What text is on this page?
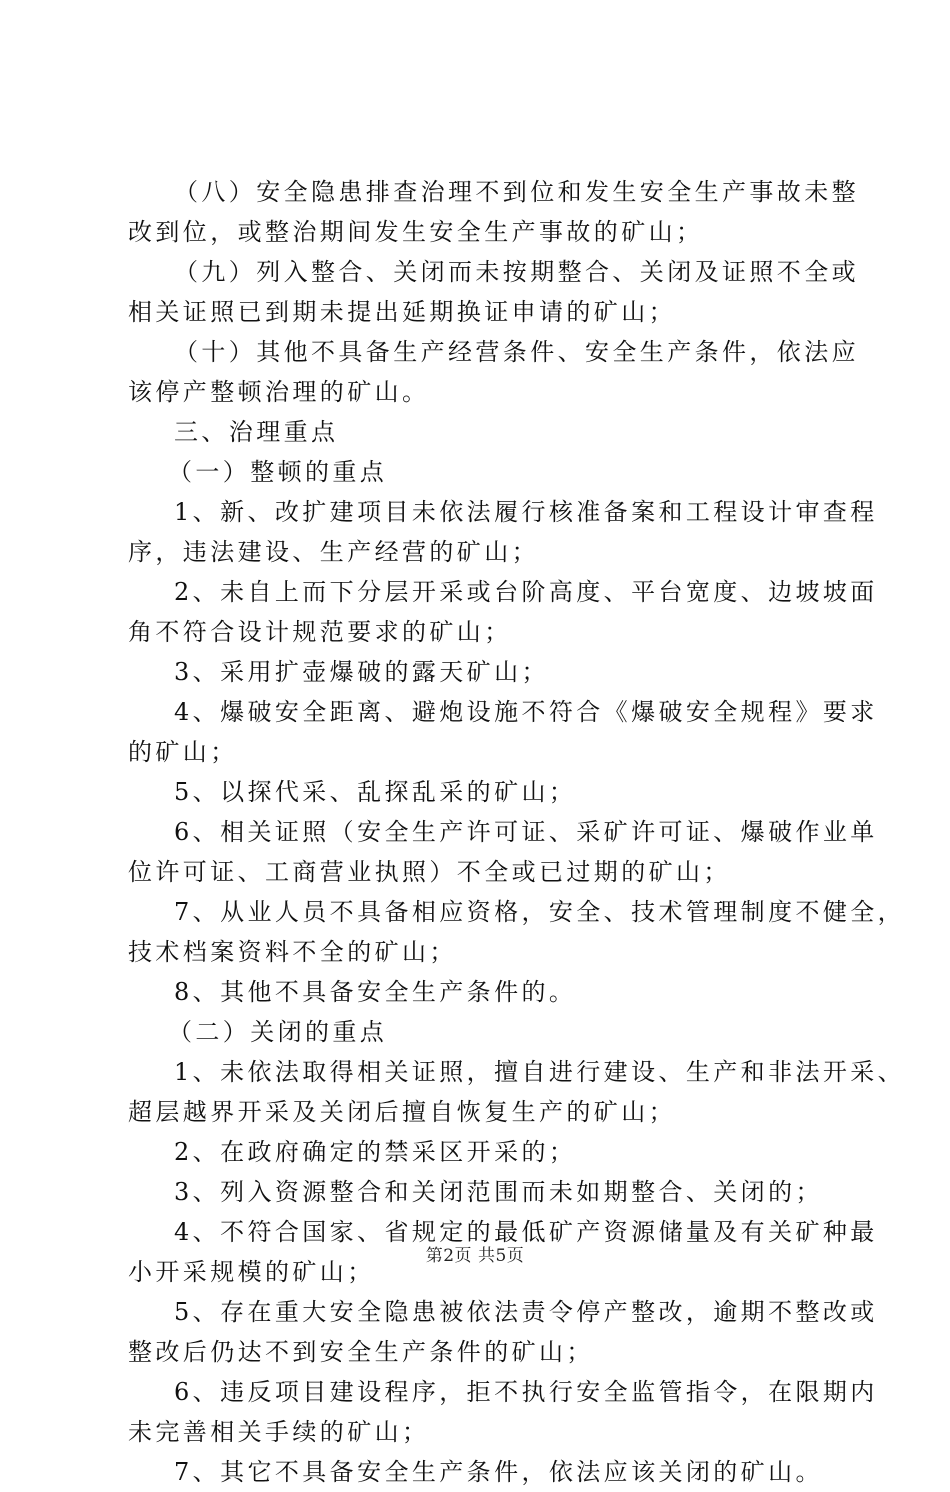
（八）安全隐患排查治理不到位和发生安全生产事故未整
改到位，或整治期间发生安全生产事故的矿山；
（九）列入整合、关闭而未按期整合、关闭及证照不全或
相关证照已到期未提出延期换证申请的矿山；
（十）其他不具备生产经营条件、安全生产条件，依法应
该停产整顿治理的矿山。
三、治理重点
（一）整顿的重点
1、新、改扩建项目未依法履行核准备案和工程设计审查程
序，违法建设、生产经营的矿山；
2、未自上而下分层开采或台阶高度、平台宽度、边坡坡面
角不符合设计规范要求的矿山；
3、采用扩壶爆破的露天矿山；
4、爆破安全距离、避炮设施不符合《爆破安全规程》要求
的矿山；
5、以探代采、乱探乱采的矿山；
6、相关证照（安全生产许可证、采矿许可证、爆破作业单
位许可证、工商营业执照）不全或已过期的矿山；
7、从业人员不具备相应资格，安全、技术管理制度不健全，
技术档案资料不全的矿山；
8、其他不具备安全生产条件的。
（二）关闭的重点
1、未依法取得相关证照，擅自进行建设、生产和非法开采、
超层越界开采及关闭后擅自恢复生产的矿山；
2、在政府确定的禁采区开采的；
3、列入资源整合和关闭范围而未如期整合、关闭的；
4、不符合国家、省规定的最低矿产资源储量及有关矿种最
小开采规模的矿山；
5、存在重大安全隐患被依法责令停产整改，逾期不整改或
整改后仍达不到安全生产条件的矿山；
6、违反项目建设程序，拒不执行安全监管指令，在限期内
未完善相关手续的矿山；
7、其它不具备安全生产条件，依法应该关闭的矿山。
第2页 共5页
